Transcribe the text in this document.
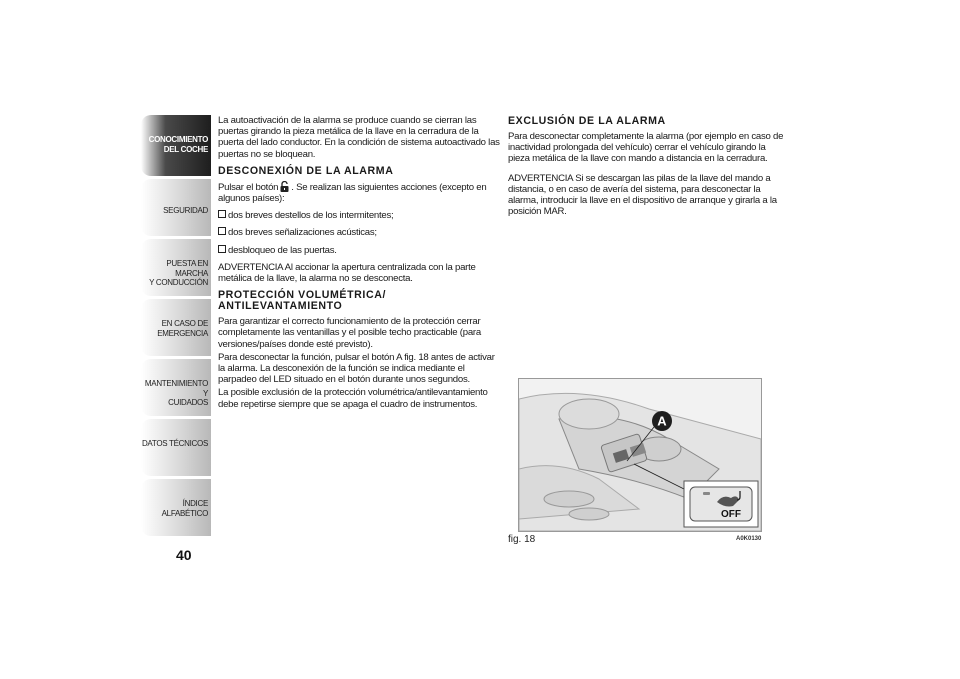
CONOCIMIENTO
DEL COCHE
SEGURIDAD
PUESTA EN MARCHA
Y CONDUCCIÓN
EN CASO DE
EMERGENCIA
MANTENIMIENTO Y
CUIDADOS
DATOS TÉCNICOS
ÍNDICE ALFABÉTICO
40

La autoactivación de la alarma se produce cuando se cierran las puertas girando la pieza metálica de la llave en la cerradura de la puerta del lado conductor. En la condición de sistema autoactivado las puertas no se bloquean.

DESCONEXIÓN DE LA ALARMA

Pulsar el botón . Se realizan las siguientes acciones (excepto en algunos países):

dos breves destellos de los intermitentes;
dos breves señalizaciones acústicas;
desbloqueo de las puertas.

ADVERTENCIA Al accionar la apertura centralizada con la parte metálica de la llave, la alarma no se desconecta.

PROTECCIÓN VOLUMÉTRICA/ ANTILEVANTAMIENTO

Para garantizar el correcto funcionamiento de la protección cerrar completamente las ventanillas y el posible techo practicable (para versiones/países donde esté previsto).

Para desconectar la función, pulsar el botón A fig. 18 antes de activar la alarma. La desconexión de la función se indica mediante el parpadeo del LED situado en el botón durante unos segundos.

La posible exclusión de la protección volumétrica/antilevantamiento debe repetirse siempre que se apaga el cuadro de instrumentos.

EXCLUSIÓN DE LA ALARMA

Para desconectar completamente la alarma (por ejemplo en caso de inactividad prolongada del vehículo) cerrar el vehículo girando la pieza metálica de la llave con mando a distancia en la cerradura.

ADVERTENCIA Si se descargan las pilas de la llave del mando a distancia, o en caso de avería del sistema, para desconectar la alarma, introducir la llave en el dispositivo de arranque y girarla a la posición MAR.

A
OFF
fig. 18	A0K0130
